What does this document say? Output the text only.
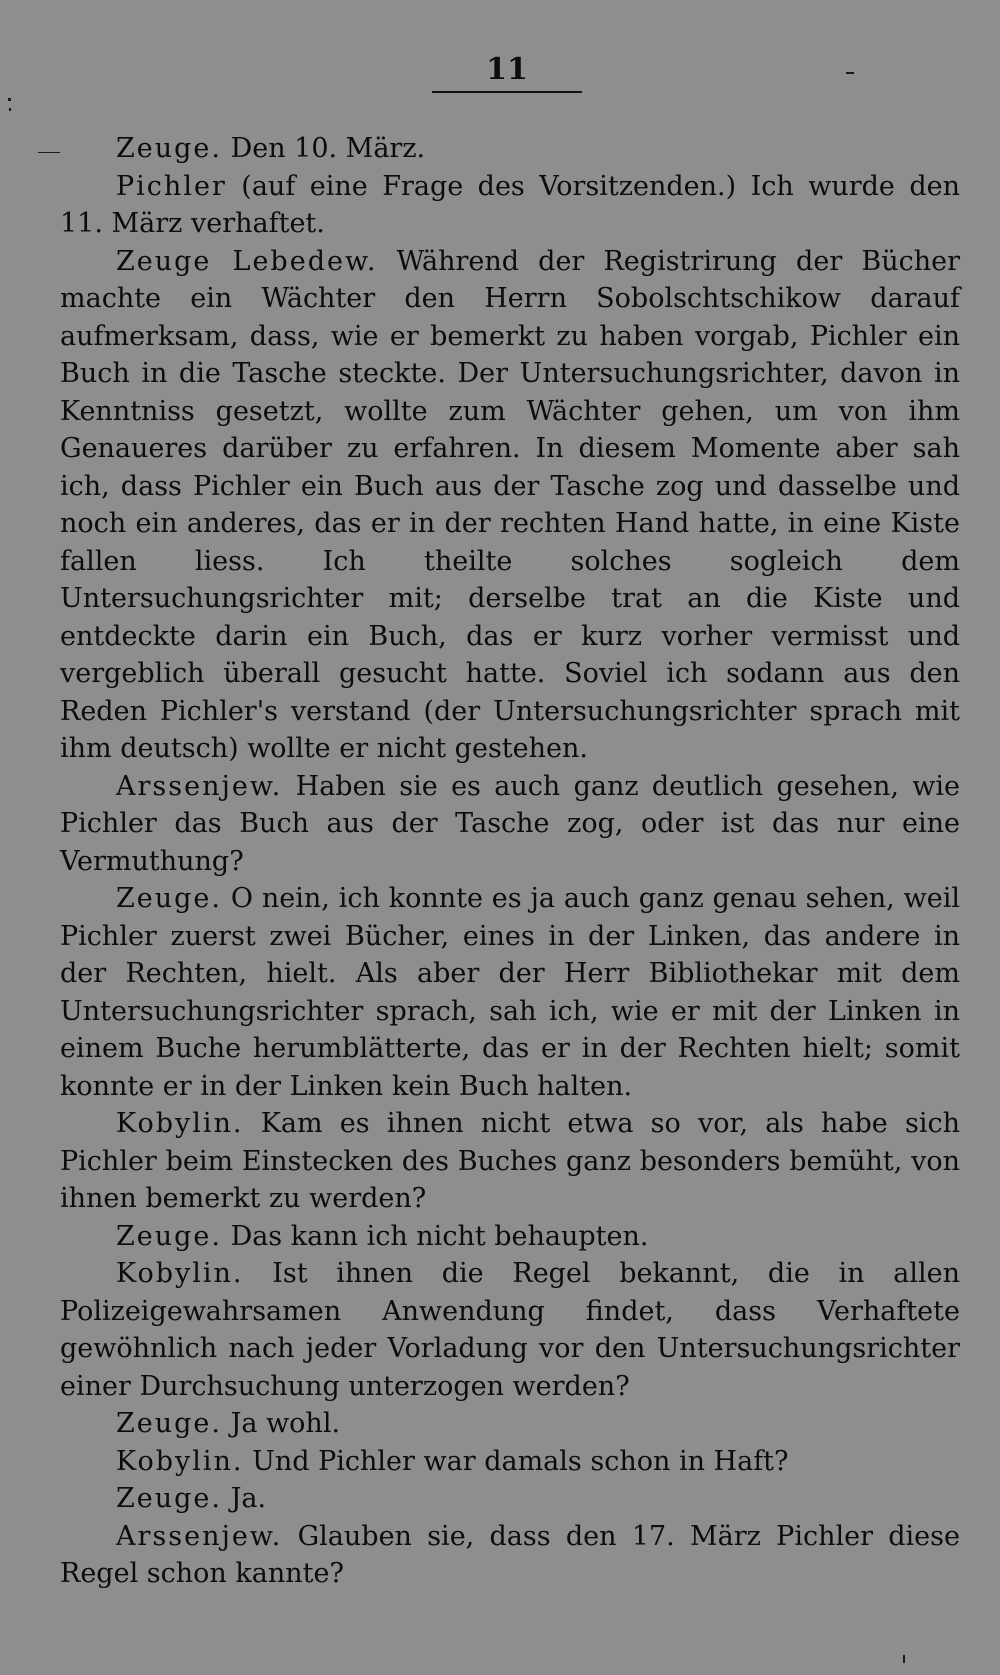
11

Zeuge. Den 10. März.

Pichler (auf eine Frage des Vorsitzenden.) Ich wurde den 11. März verhaftet.

Zeuge Lebedew. Während der Registrirung der Bücher machte ein Wächter den Herrn Sobolschtschikow darauf aufmerksam, dass, wie er bemerkt zu haben vorgab, Pichler ein Buch in die Tasche steckte. Der Untersuchungsrichter, davon in Kenntniss gesetzt, wollte zum Wächter gehen, um von ihm Genaueres darüber zu erfahren. In diesem Momente aber sah ich, dass Pichler ein Buch aus der Tasche zog und dasselbe und noch ein anderes, das er in der rechten Hand hatte, in eine Kiste fallen liess. Ich theilte solches sogleich dem Untersuchungsrichter mit; derselbe trat an die Kiste und entdeckte darin ein Buch, das er kurz vorher vermisst und vergeblich überall gesucht hatte. Soviel ich sodann aus den Reden Pichler's verstand (der Untersuchungsrichter sprach mit ihm deutsch) wollte er nicht gestehen.

Arssenjew. Haben sie es auch ganz deutlich gesehen, wie Pichler das Buch aus der Tasche zog, oder ist das nur eine Vermuthung?

Zeuge. O nein, ich konnte es ja auch ganz genau sehen, weil Pichler zuerst zwei Bücher, eines in der Linken, das andere in der Rechten, hielt. Als aber der Herr Bibliothekar mit dem Untersuchungsrichter sprach, sah ich, wie er mit der Linken in einem Buche herumblätterte, das er in der Rechten hielt; somit konnte er in der Linken kein Buch halten.

Kobylin. Kam es ihnen nicht etwa so vor, als habe sich Pichler beim Einstecken des Buches ganz besonders bemüht, von ihnen bemerkt zu werden?

Zeuge. Das kann ich nicht behaupten.

Kobylin. Ist ihnen die Regel bekannt, die in allen Polizeigewahrsamen Anwendung findet, dass Verhaftete gewöhnlich nach jeder Vorladung vor den Untersuchungsrichter einer Durchsuchung unterzogen werden?

Zeuge. Ja wohl.

Kobylin. Und Pichler war damals schon in Haft?

Zeuge. Ja.

Arssenjew. Glauben sie, dass den 17. März Pichler diese Regel schon kannte?
